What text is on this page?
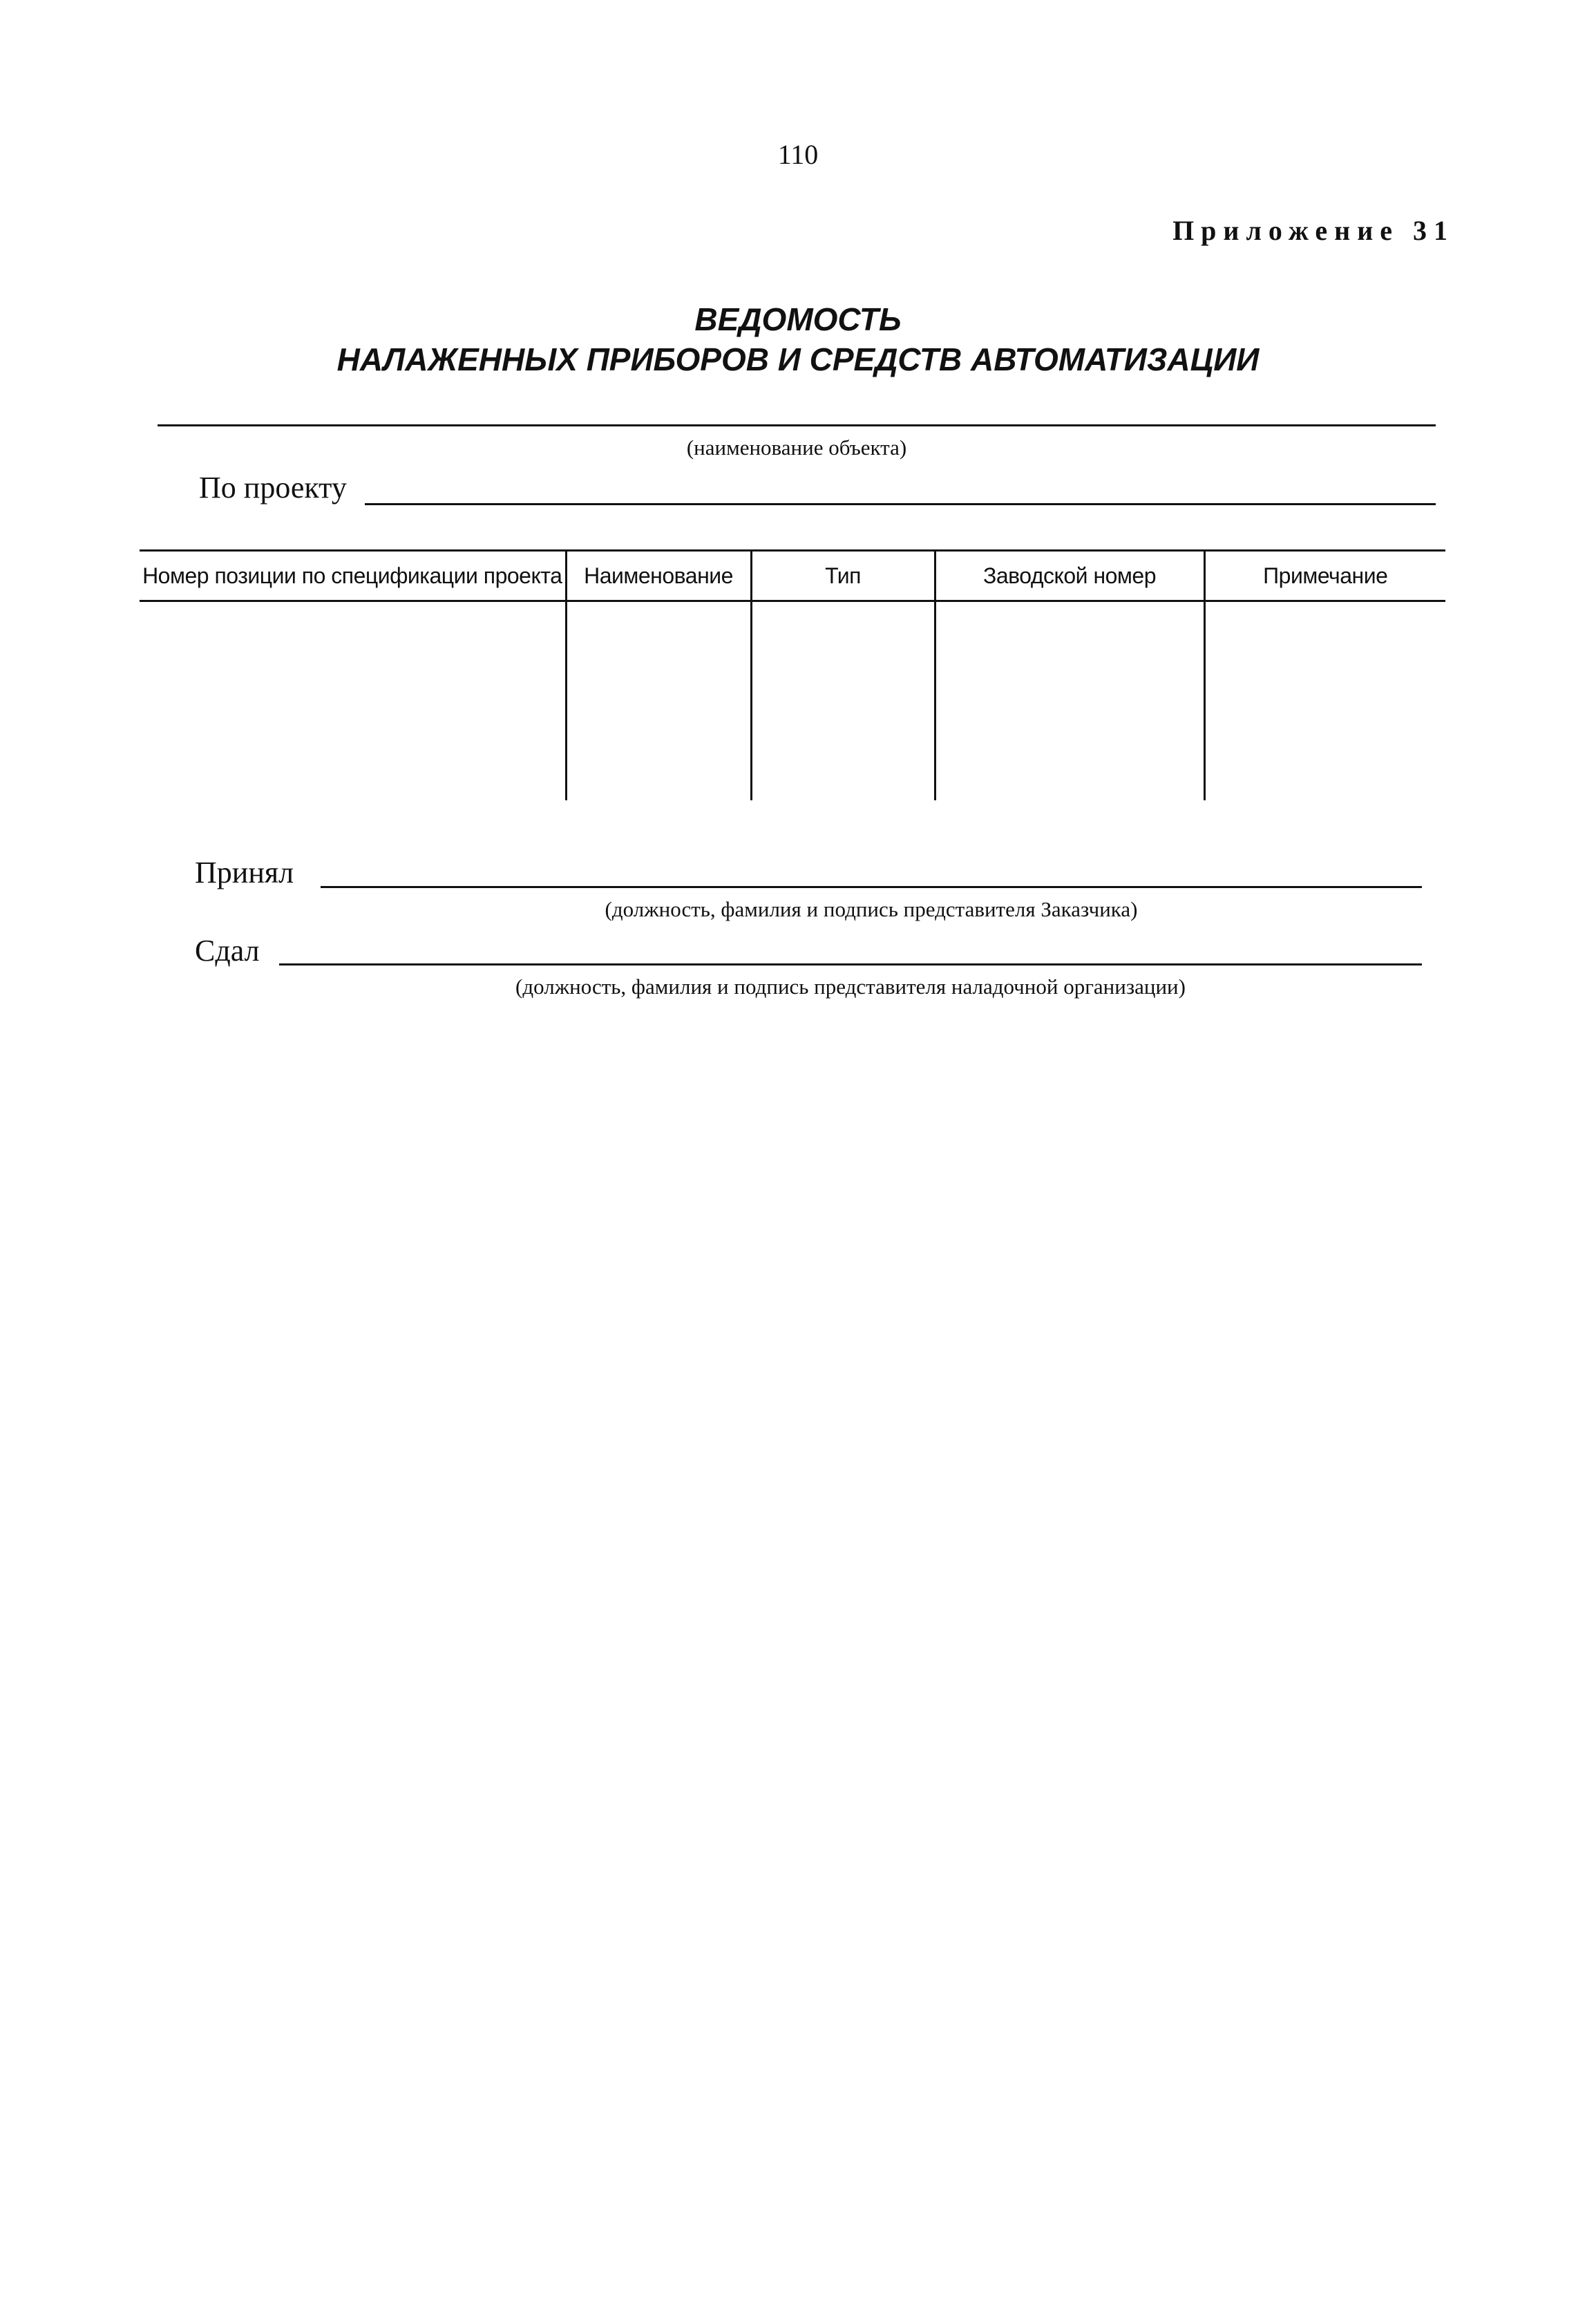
110
Приложение 31
ВЕДОМОСТЬ
НАЛАЖЕННЫХ ПРИБОРОВ И СРЕДСТВ АВТОМАТИЗАЦИИ
(наименование объекта)
По проекту
Номер позиции по спецификации проекта	Наименование	Тип	Заводской номер	Примечание

Принял
(должность, фамилия и подпись представителя Заказчика)
Сдал
(должность, фамилия и подпись представителя наладочной организации)
